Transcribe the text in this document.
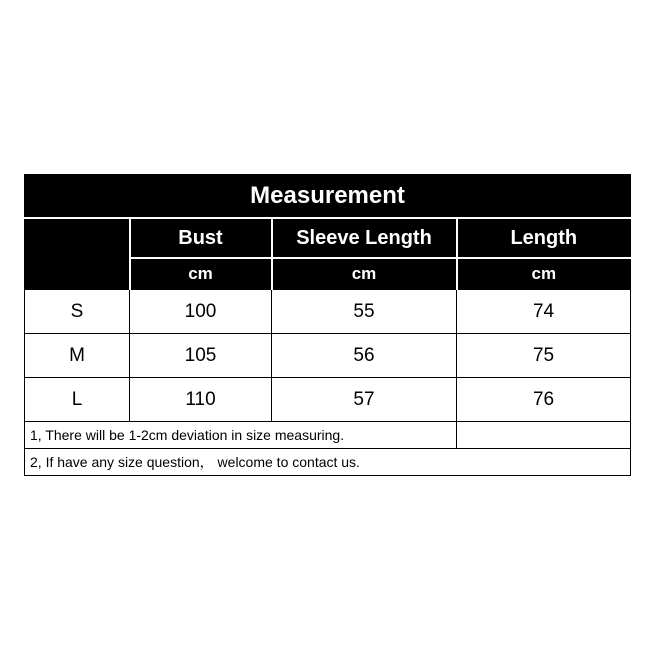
Measurement			
	Bust	Sleeve Length	Length
	cm	cm	cm
S	100	55	74
M	105	56	75
L	110	57	76
1, There will be 1-2cm deviation in size measuring.			
2, If have any size question， welcome to contact us.			
